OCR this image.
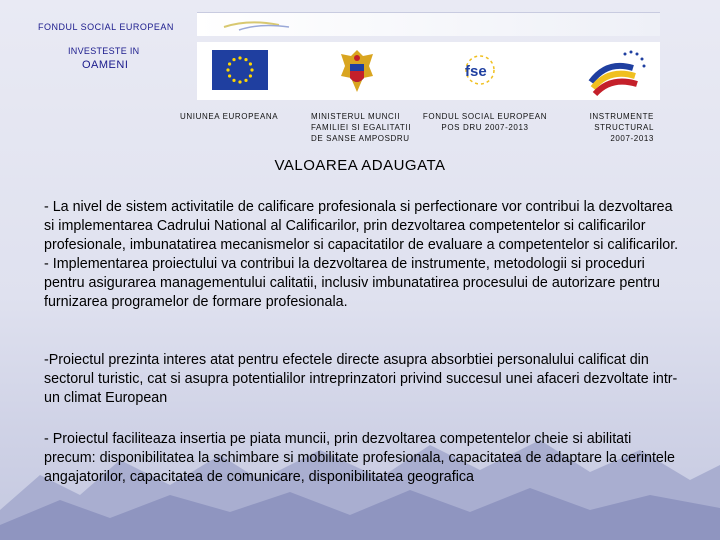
FONDUL SOCIAL EUROPEAN
INVESTESTE IN
OAMENI	fse
UNIUNEA EUROPEANA	MINISTERUL MUNCII
FAMILIEI SI EGALITATII
DE SANSE AMPOSDRU
FONDUL SOCIAL EUROPEAN
POS DRU 2007-2013
INSTRUMENTE
STRUCTURAL
2007-2013
VALOAREA ADAUGATA
- La nivel de sistem activitatile de calificare profesionala si perfectionare vor contribui la dezvoltarea si implementarea Cadrului National al Calificarilor, prin dezvoltarea competentelor si calificarilor profesionale, imbunatatirea mecanismelor si capacitatilor de evaluare a competentelor si calificarilor. - Implementarea proiectului va contribui la dezvoltarea de instrumente, metodologii si proceduri pentru asigurarea managementului calitatii, inclusiv imbunatatirea procesului de autorizare pentru furnizarea programelor de formare profesionala.
-Proiectul prezinta interes atat pentru efectele directe asupra absorbtiei personalului calificat din sectorul turistic, cat si asupra potentialilor intreprinzatori privind succesul unei afaceri dezvoltate intr-un climat European
- Proiectul faciliteaza insertia pe piata muncii, prin dezvoltarea competentelor cheie si abilitati precum: disponibilitatea la schimbare si mobilitate profesionala, capacitatea de adaptare la cerintele angajatorilor, capacitatea de comunicare, disponibilitatea geografica
